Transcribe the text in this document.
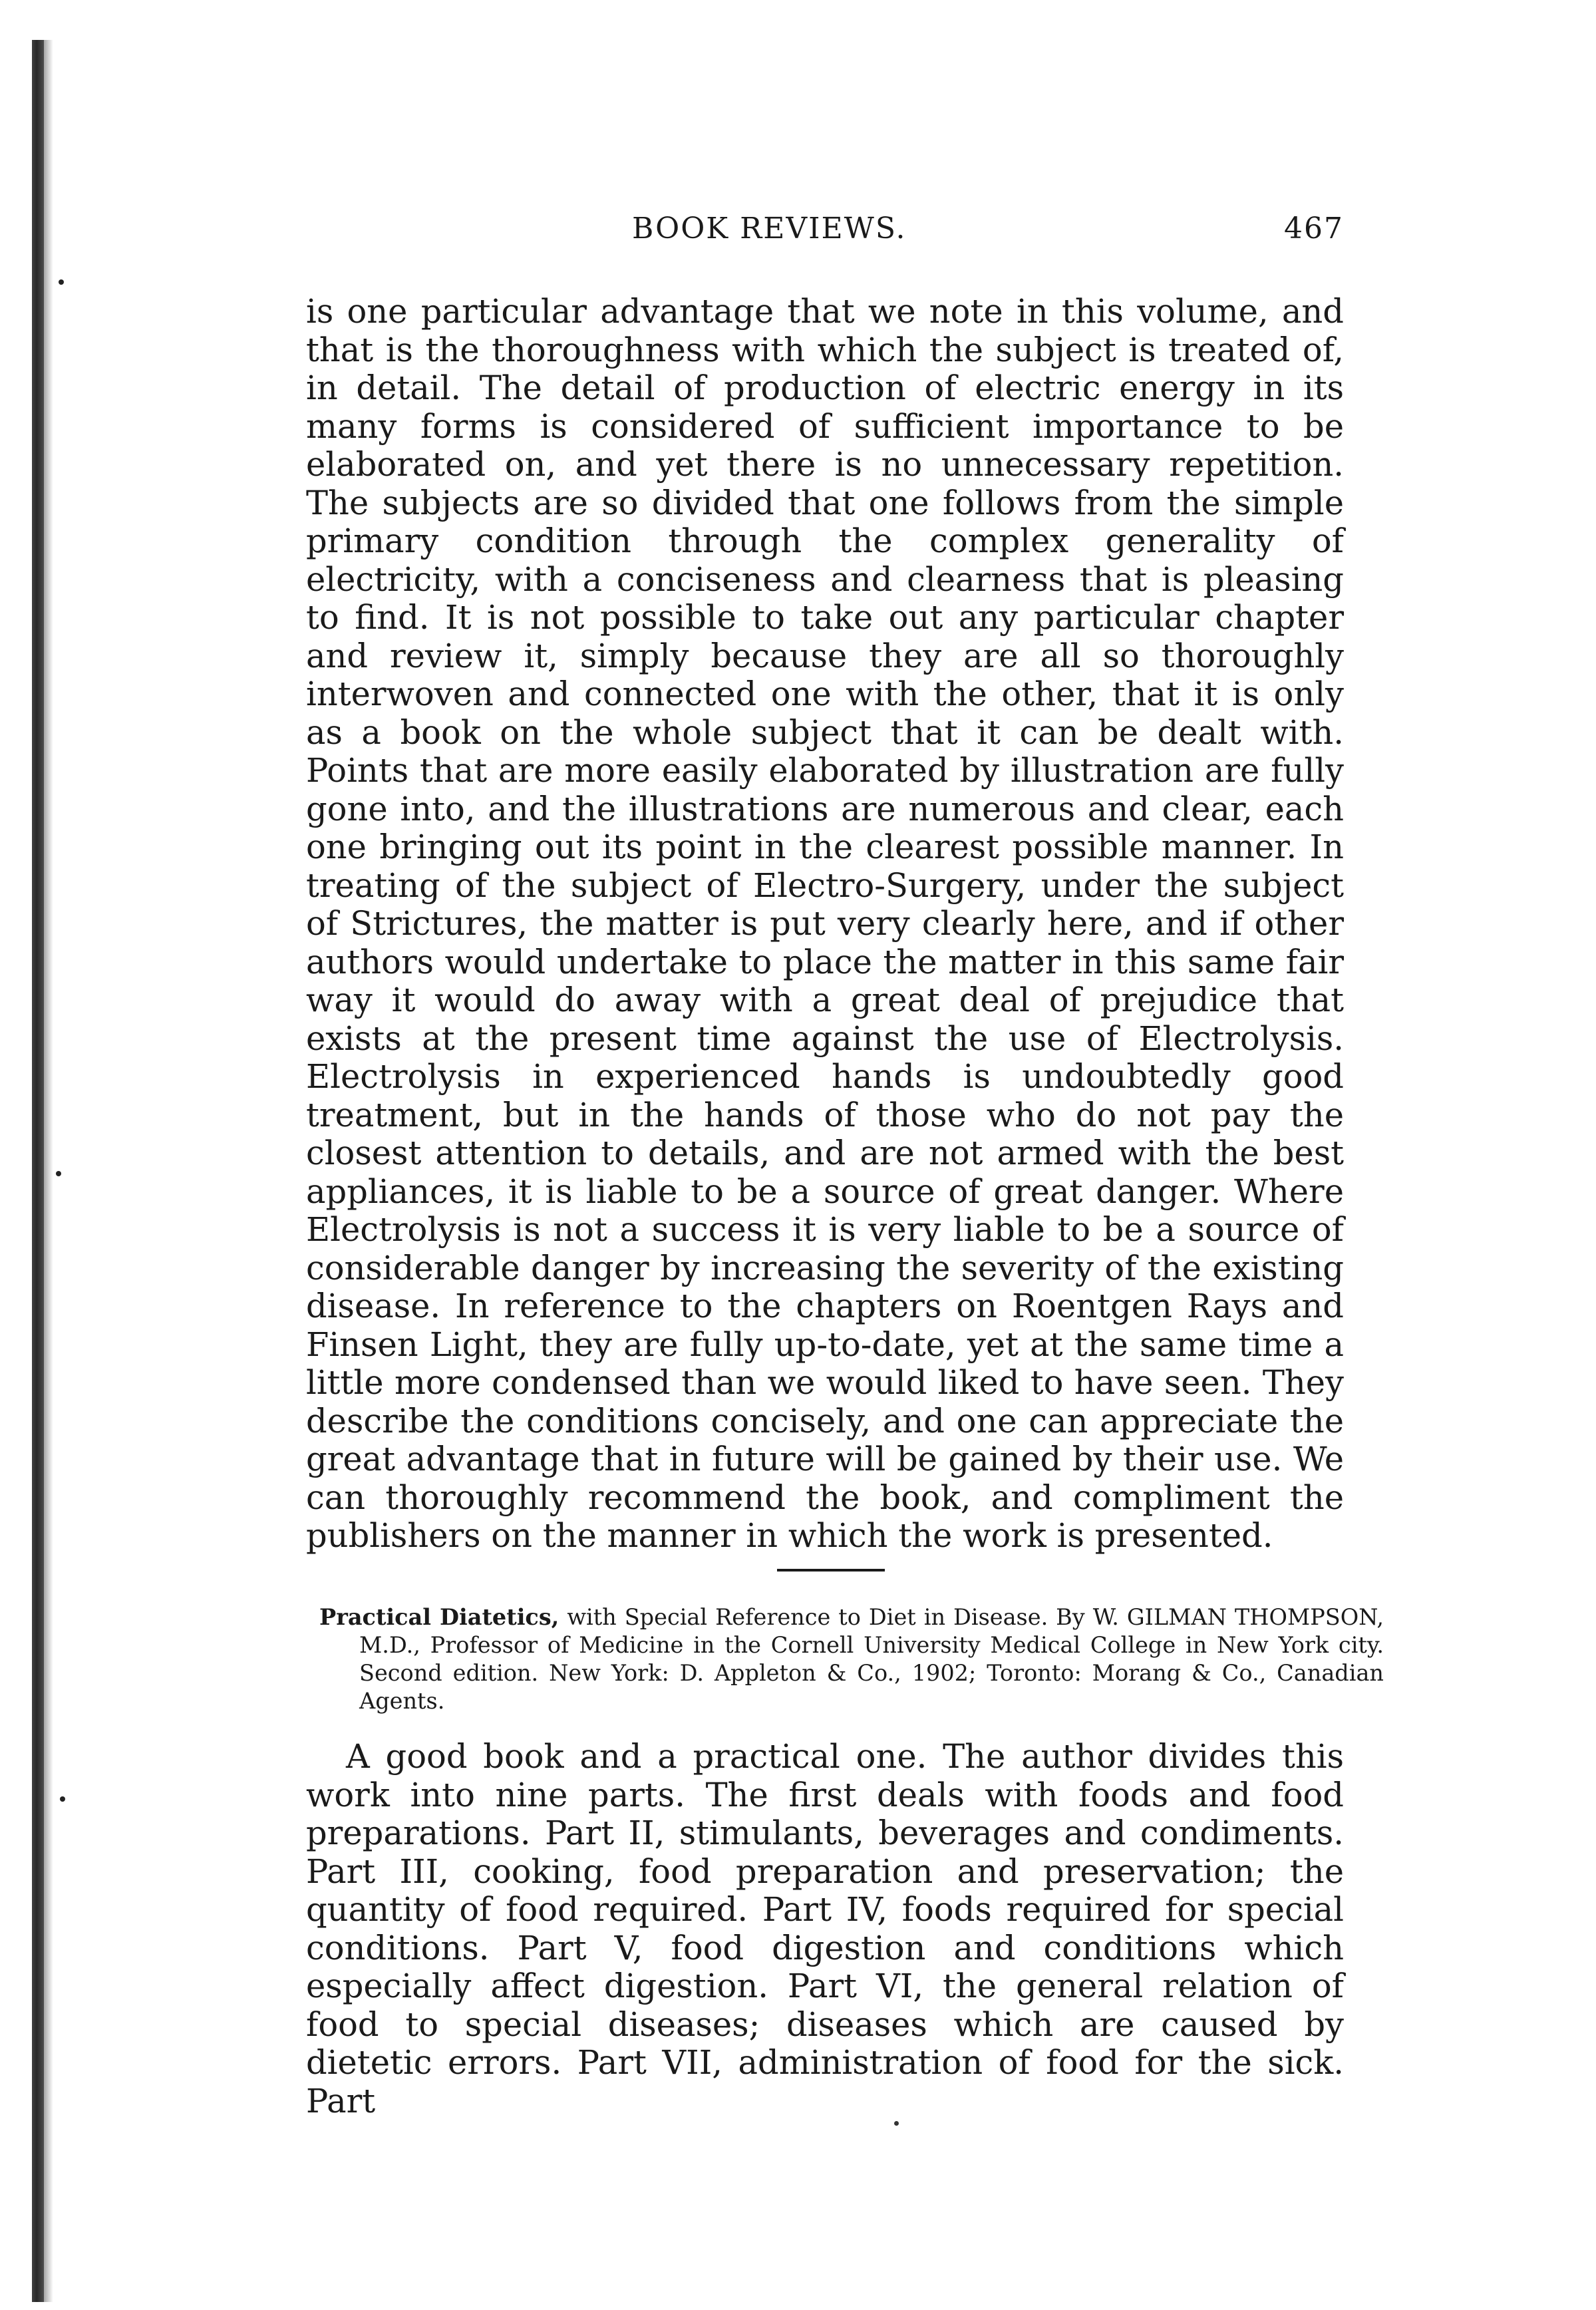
BOOK REVIEWS.	467

is one particular advantage that we note in this volume, and that is the thoroughness with which the subject is treated of, in detail. The detail of production of electric energy in its many forms is considered of sufficient importance to be elaborated on, and yet there is no unnecessary repetition. The subjects are so divided that one follows from the simple primary condition through the complex generality of electricity, with a conciseness and clearness that is pleasing to find. It is not possible to take out any particular chapter and review it, simply because they are all so thoroughly interwoven and connected one with the other, that it is only as a book on the whole subject that it can be dealt with. Points that are more easily elaborated by illustration are fully gone into, and the illustrations are numerous and clear, each one bringing out its point in the clearest possible manner. In treating of the subject of Electro-Surgery, under the subject of Strictures, the matter is put very clearly here, and if other authors would undertake to place the matter in this same fair way it would do away with a great deal of prejudice that exists at the present time against the use of Electrolysis. Electrolysis in experienced hands is undoubtedly good treatment, but in the hands of those who do not pay the closest attention to details, and are not armed with the best appliances, it is liable to be a source of great danger. Where Electrolysis is not a success it is very liable to be a source of considerable danger by increasing the severity of the existing disease. In reference to the chapters on Roentgen Rays and Finsen Light, they are fully up-to-date, yet at the same time a little more condensed than we would liked to have seen. They describe the conditions concisely, and one can appreciate the great advantage that in future will be gained by their use. We can thoroughly recommend the book, and compliment the publishers on the manner in which the work is presented.

Practical Diatetics, with Special Reference to Diet in Disease. By W. GILMAN THOMPSON, M.D., Professor of Medicine in the Cornell University Medical College in New York city. Second edition. New York: D. Appleton & Co., 1902; Toronto: Morang & Co., Canadian Agents.

A good book and a practical one. The author divides this work into nine parts. The first deals with foods and food preparations. Part II, stimulants, beverages and condiments. Part III, cooking, food preparation and preservation; the quantity of food required. Part IV, foods required for special conditions. Part V, food digestion and conditions which especially affect digestion. Part VI, the general relation of food to special diseases; diseases which are caused by dietetic errors. Part VII, administration of food for the sick. Part
